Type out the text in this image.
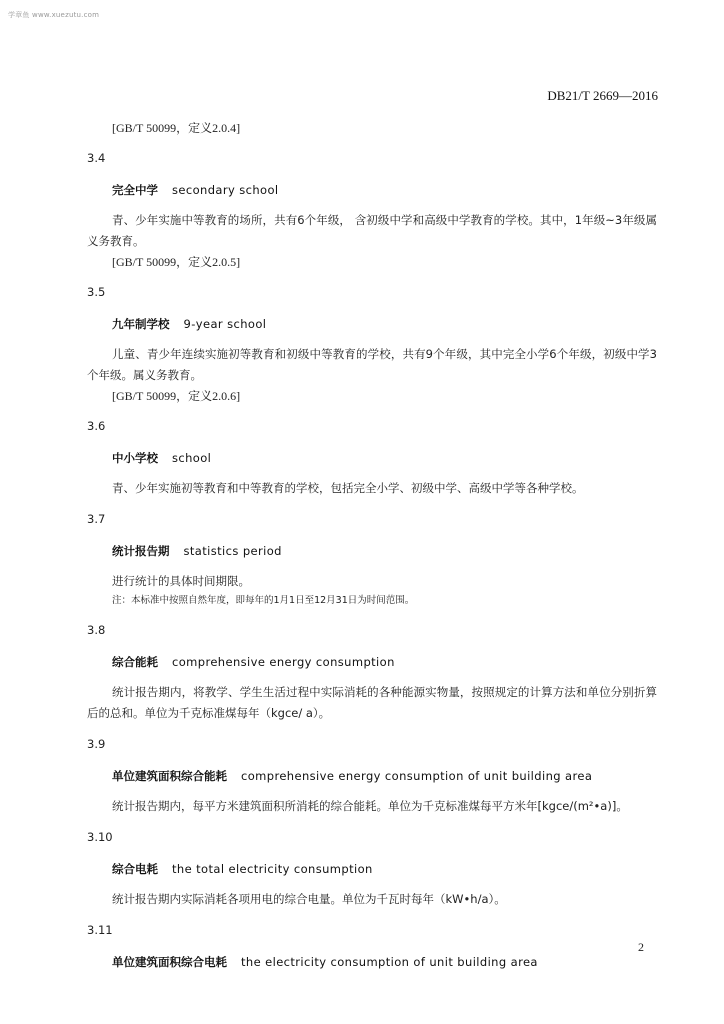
学章鱼 www.xuezutu.com
DB21/T 2669—2016
[GB/T 50099，定义2.0.4]
3.4
完全中学 secondary school

青、少年实施中等教育的场所，共有6个年级， 含初级中学和高级中学教育的学校。其中，1年级~3年级属义务教育。

[GB/T 50099，定义2.0.5]
3.5
九年制学校 9-year school

儿童、青少年连续实施初等教育和初级中等教育的学校，共有9个年级，其中完全小学6个年级，初级中学3个年级。属义务教育。

[GB/T 50099，定义2.0.6]
3.6
中小学校 school

青、少年实施初等教育和中等教育的学校，包括完全小学、初级中学、高级中学等各种学校。

3.7
统计报告期 statistics period

进行统计的具体时间期限。

注：本标准中按照自然年度，即每年的1月1日至12月31日为时间范围。
3.8
综合能耗 comprehensive energy consumption

统计报告期内，将教学、学生生活过程中实际消耗的各种能源实物量，按照规定的计算方法和单位分别折算后的总和。单位为千克标准煤每年（kgce/ a）。

3.9
单位建筑面积综合能耗 comprehensive energy consumption of unit building area

统计报告期内，每平方米建筑面积所消耗的综合能耗。单位为千克标准煤每平方米年[kgce/(m²•a)]。

3.10
综合电耗 the total electricity consumption

统计报告期内实际消耗各项用电的综合电量。单位为千瓦时每年（kW•h/a）。

3.11
单位建筑面积综合电耗 the electricity consumption of unit building area
2
